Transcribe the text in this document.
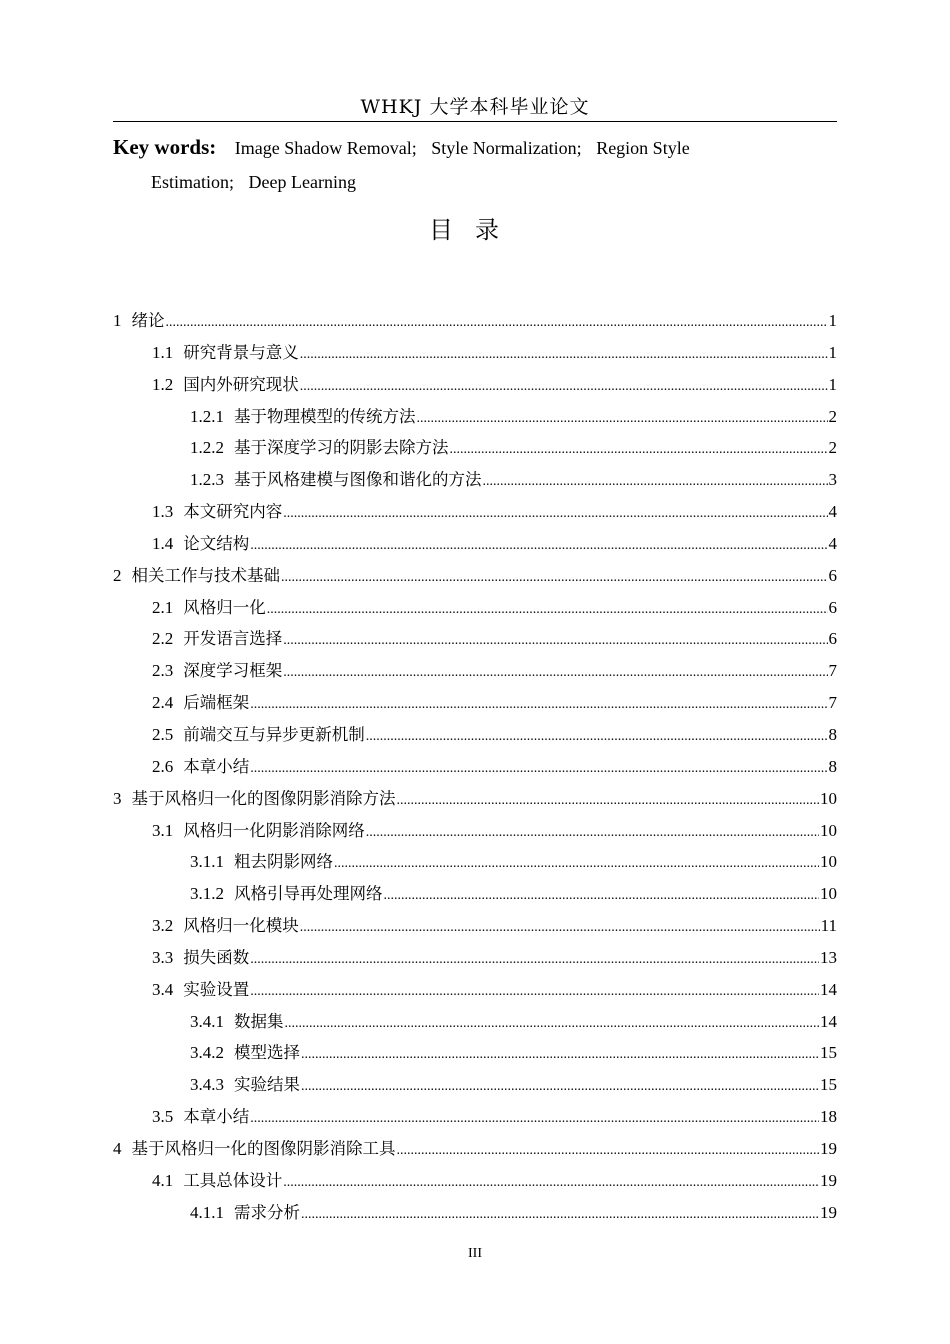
WHKJ 大学本科毕业论文
Key words: Image Shadow Removal; Style Normalization; Region Style
Estimation; Deep Learning
目录
1 绪论 .....	1
1.1 研究背景与意义 .....	1
1.2 国内外研究现状 .....	1
1.2.1 基于物理模型的传统方法 .....	2
1.2.2 基于深度学习的阴影去除方法 .....	2
1.2.3 基于风格建模与图像和谐化的方法 .....	3
1.3 本文研究内容 .....	4
1.4 论文结构 .....	4
2 相关工作与技术基础 .....	6
2.1 风格归一化 .....	6
2.2 开发语言选择 .....	6
2.3 深度学习框架 .....	7
2.4 后端框架 .....	7
2.5 前端交互与异步更新机制 .....	8
2.6 本章小结 .....	8
3 基于风格归一化的图像阴影消除方法 .....	10
3.1 风格归一化阴影消除网络 .....	10
3.1.1 粗去阴影网络 .....	10
3.1.2 风格引导再处理网络 .....	10
3.2 风格归一化模块 .....	11
3.3 损失函数 .....	13
3.4 实验设置 .....	14
3.4.1 数据集 .....	14
3.4.2 模型选择 .....	15
3.4.3 实验结果 .....	15
3.5 本章小结 .....	18
4 基于风格归一化的图像阴影消除工具 .....	19
4.1 工具总体设计 .....	19
4.1.1 需求分析 .....	19
III
